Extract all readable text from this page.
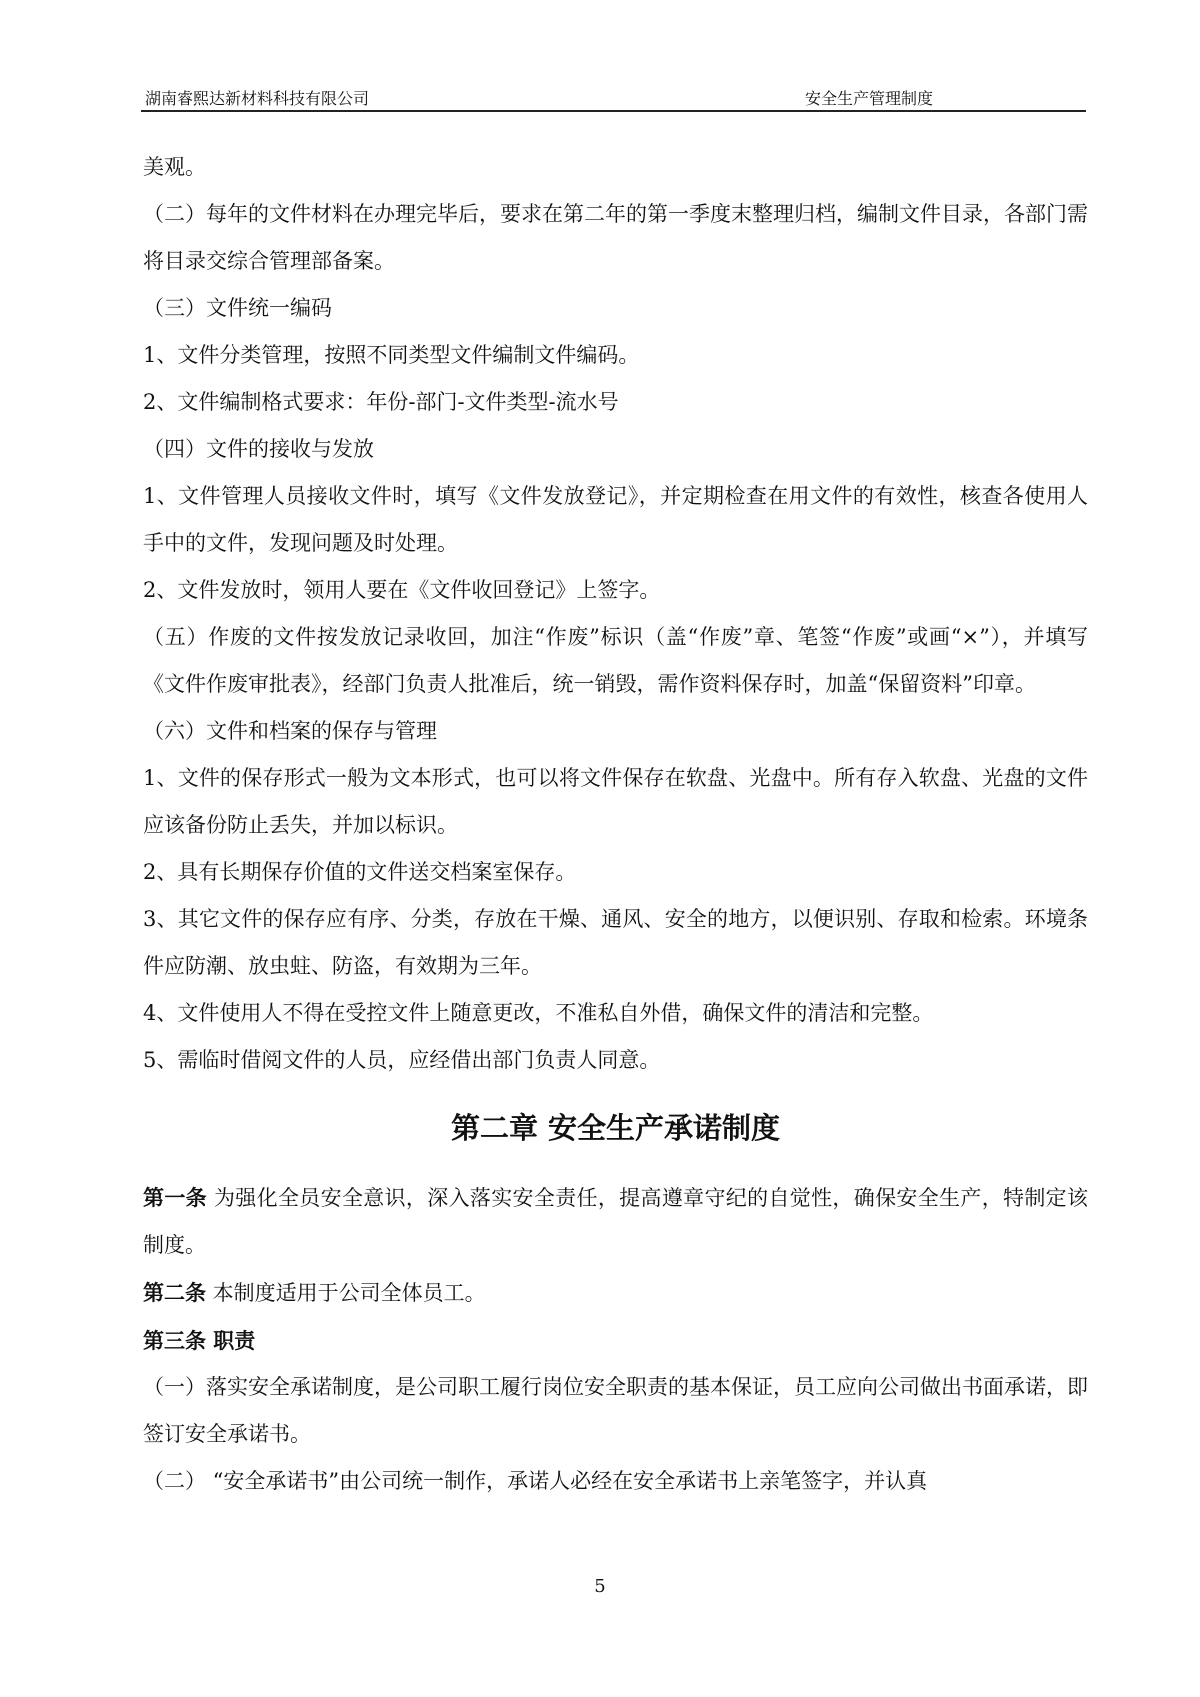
湖南睿熙达新材料科技有限公司	安全生产管理制度
美观。
（二）每年的文件材料在办理完毕后，要求在第二年的第一季度末整理归档，编制文件目录，各部门需将目录交综合管理部备案。
（三）文件统一编码
1、文件分类管理，按照不同类型文件编制文件编码。
2、文件编制格式要求：年份-部门-文件类型-流水号
（四）文件的接收与发放
1、文件管理人员接收文件时，填写《文件发放登记》，并定期检查在用文件的有效性，核查各使用人手中的文件，发现问题及时处理。
2、文件发放时，领用人要在《文件收回登记》上签字。
（五）作废的文件按发放记录收回，加注“作废”标识（盖“作废”章、笔签“作废”或画“×”），并填写《文件作废审批表》，经部门负责人批准后，统一销毁，需作资料保存时，加盖“保留资料”印章。
（六）文件和档案的保存与管理
1、文件的保存形式一般为文本形式，也可以将文件保存在软盘、光盘中。所有存入软盘、光盘的文件应该备份防止丢失，并加以标识。
2、具有长期保存价值的文件送交档案室保存。
3、其它文件的保存应有序、分类，存放在干燥、通风、安全的地方，以便识别、存取和检索。环境条件应防潮、放虫蛀、防盗，有效期为三年。
4、文件使用人不得在受控文件上随意更改，不准私自外借，确保文件的清洁和完整。
5、需临时借阅文件的人员，应经借出部门负责人同意。
第二章 安全生产承诺制度
第一条 为强化全员安全意识，深入落实安全责任，提高遵章守纪的自觉性，确保安全生产，特制定该制度。
第二条 本制度适用于公司全体员工。
第三条 职责
（一）落实安全承诺制度，是公司职工履行岗位安全职责的基本保证，员工应向公司做出书面承诺，即签订安全承诺书。
（二） “安全承诺书”由公司统一制作，承诺人必经在安全承诺书上亲笔签字，并认真
5
